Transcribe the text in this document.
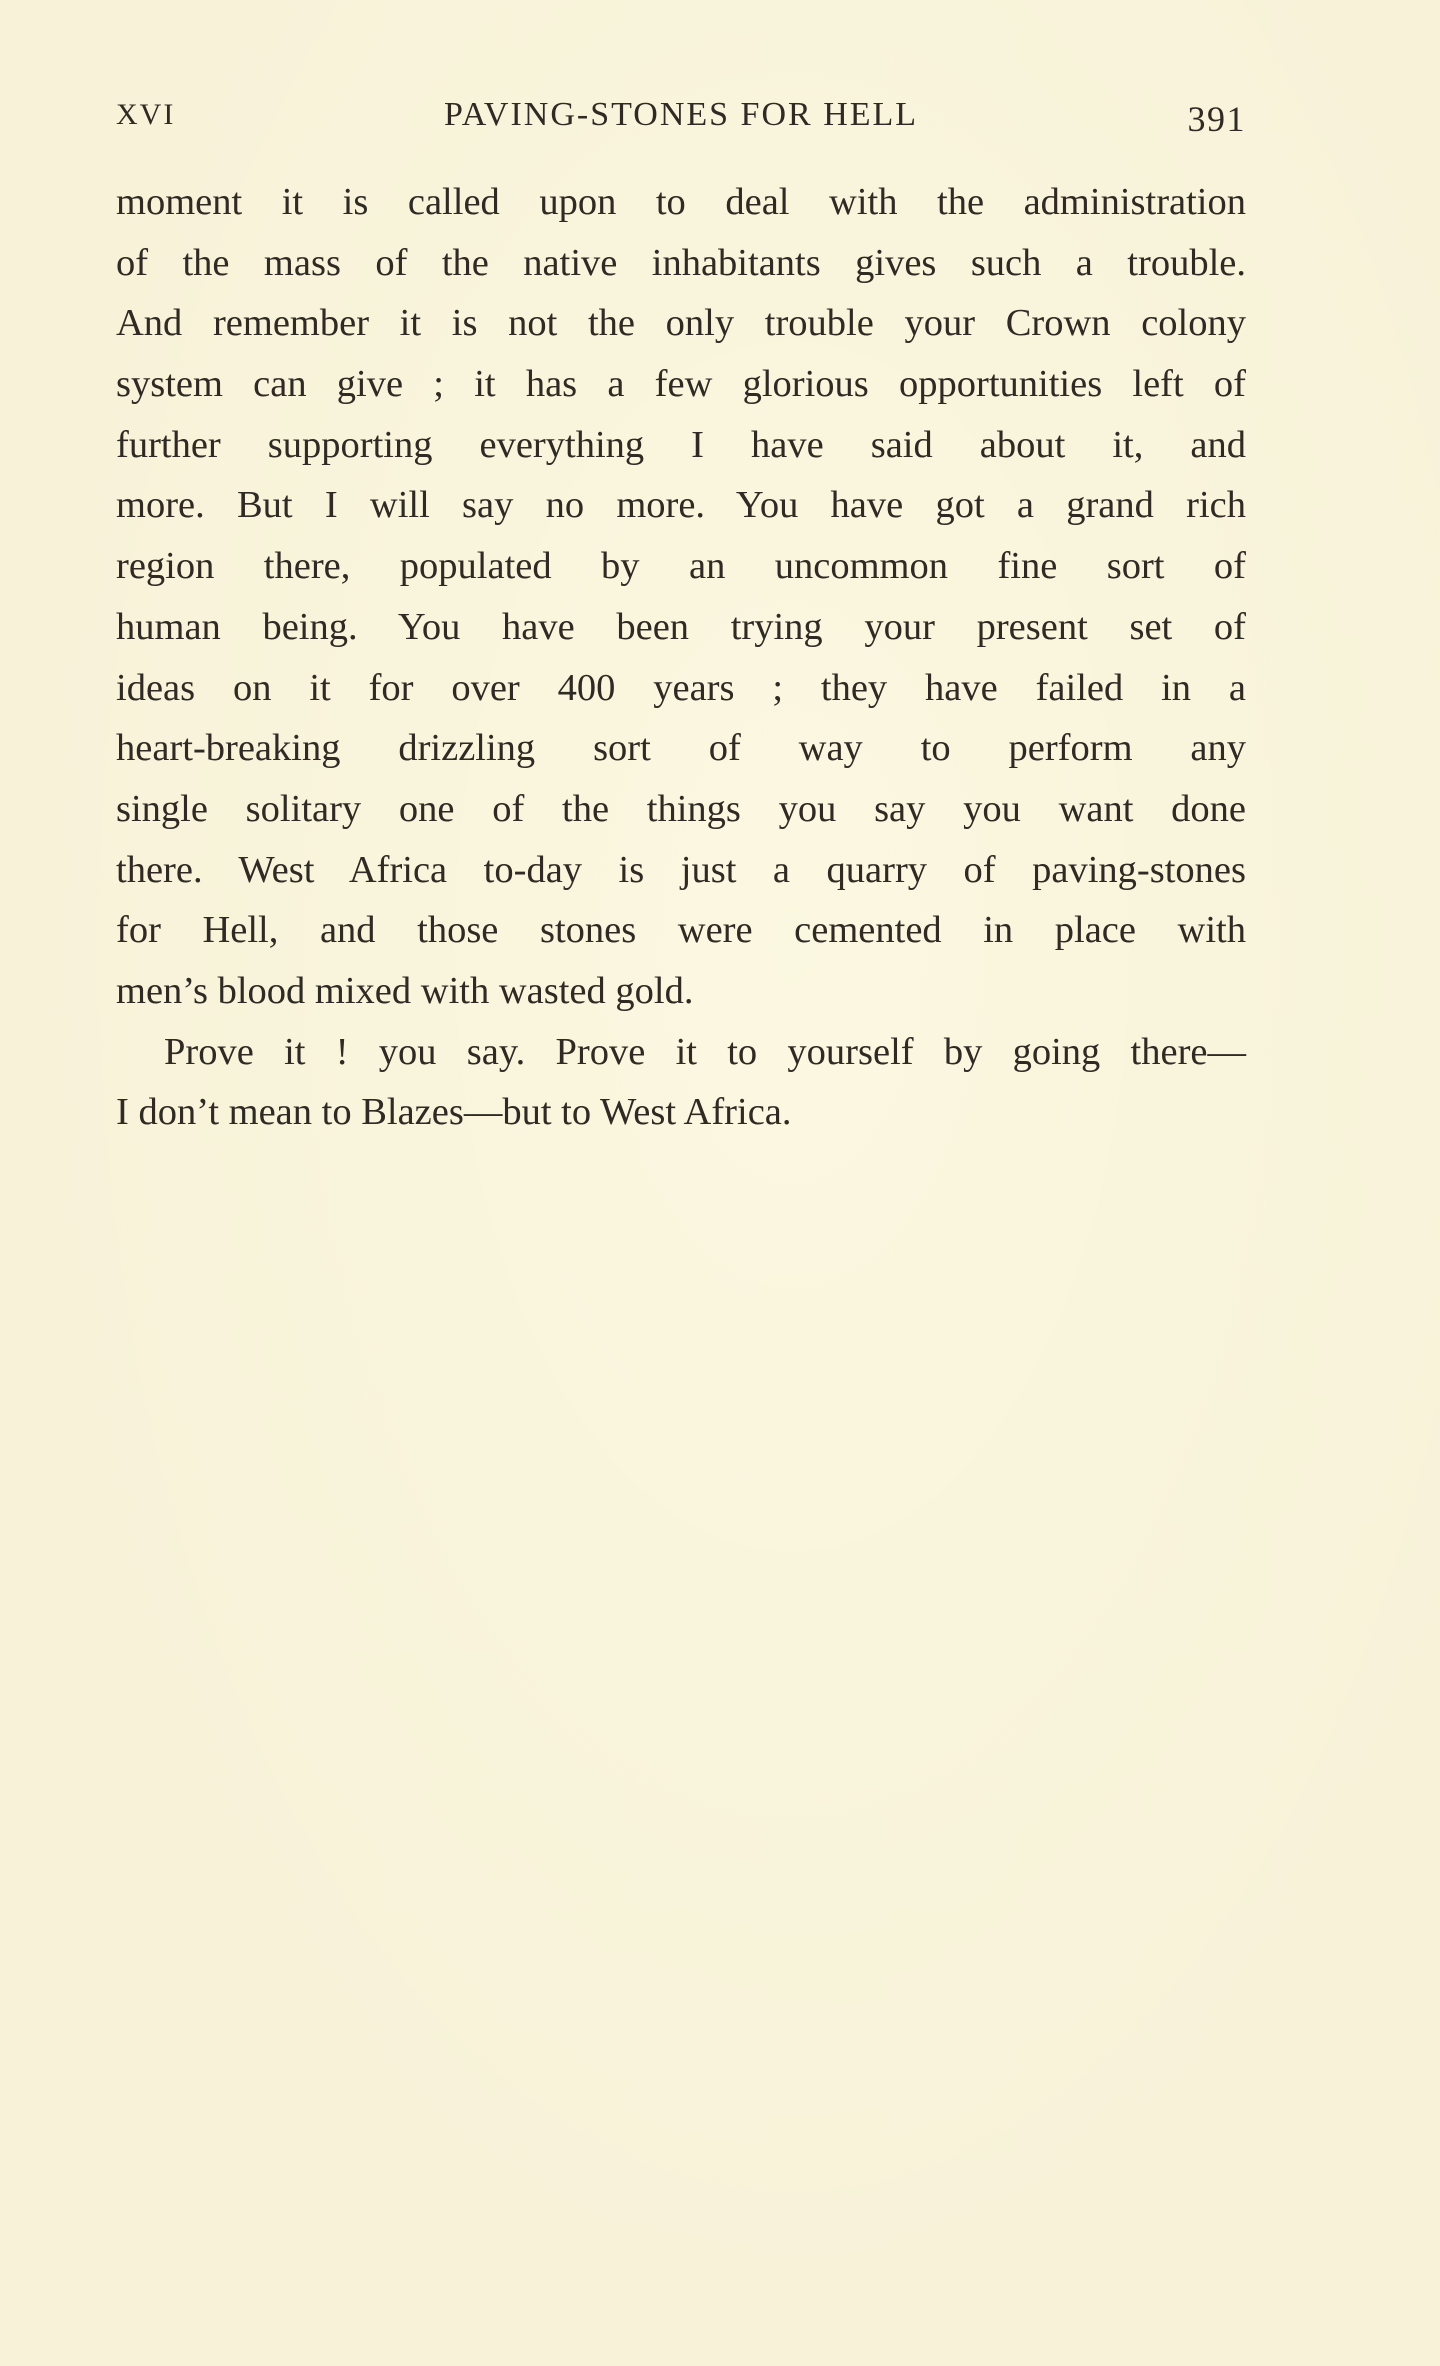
XVI	PAVING-STONES FOR HELL	391
moment it is called upon to deal with the administration
of the mass of the native inhabitants gives such a trouble.
And remember it is not the only trouble your Crown colony
system can give ; it has a few glorious opportunities left of
further supporting everything I have said about it, and
more. But I will say no more. You have got a grand rich
region there, populated by an uncommon fine sort of
human being. You have been trying your present set of
ideas on it for over 400 years ; they have failed in a
heart-breaking drizzling sort of way to perform any
single solitary one of the things you say you want done
there. West Africa to-day is just a quarry of paving-stones
for Hell, and those stones were cemented in place with
men’s blood mixed with wasted gold.
Prove it ! you say. Prove it to yourself by going there—
I don’t mean to Blazes—but to West Africa.
